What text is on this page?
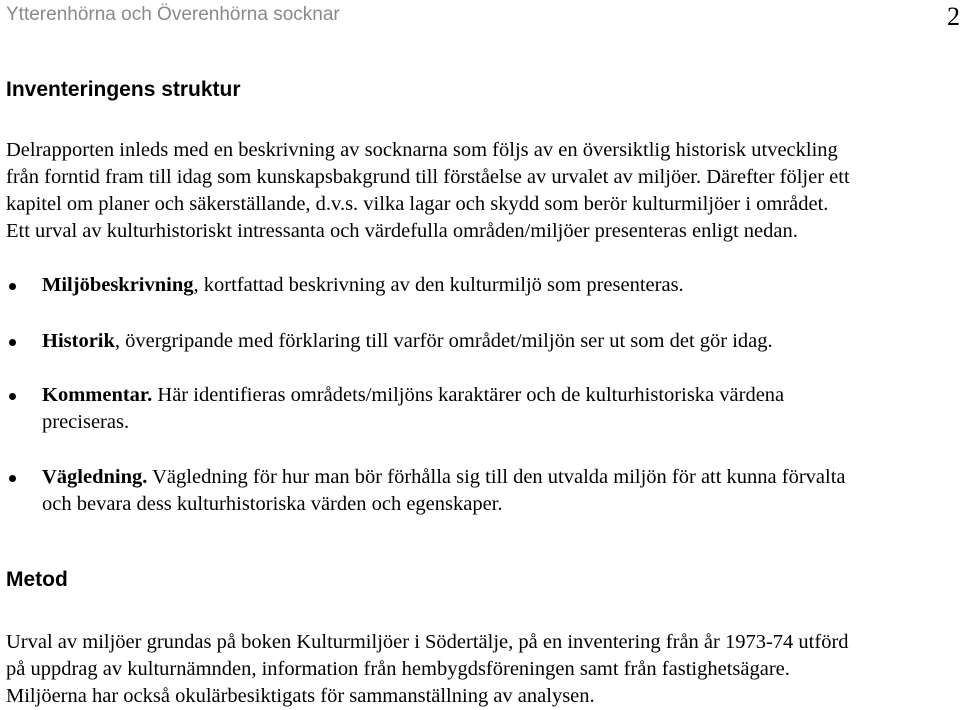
Ytterenhörna och Överenhörna socknar	2
Inventeringens struktur

Delrapporten inleds med en beskrivning av socknarna som följs av en översiktlig historisk utveckling
från forntid fram till idag som kunskapsbakgrund till förståelse av urvalet av miljöer. Därefter följer ett
kapitel om planer och säkerställande, d.v.s. vilka lagar och skydd som berör kulturmiljöer i området.
Ett urval av kulturhistoriskt intressanta och värdefulla områden/miljöer presenteras enligt nedan.

Miljöbeskrivning, kortfattad beskrivning av den kulturmiljö som presenteras.
Historik, övergripande med förklaring till varför området/miljön ser ut som det gör idag.
Kommentar. Här identifieras områdets/miljöns karaktärer och de kulturhistoriska värdena
preciseras.
Vägledning. Vägledning för hur man bör förhålla sig till den utvalda miljön för att kunna förvalta
och bevara dess kulturhistoriska värden och egenskaper.
Metod

Urval av miljöer grundas på boken Kulturmiljöer i Södertälje, på en inventering från år 1973-74 utförd
på uppdrag av kulturnämnden, information från hembygdsföreningen samt från fastighetsägare.
Miljöerna har också okulärbesiktigats för sammanställning av analysen.
